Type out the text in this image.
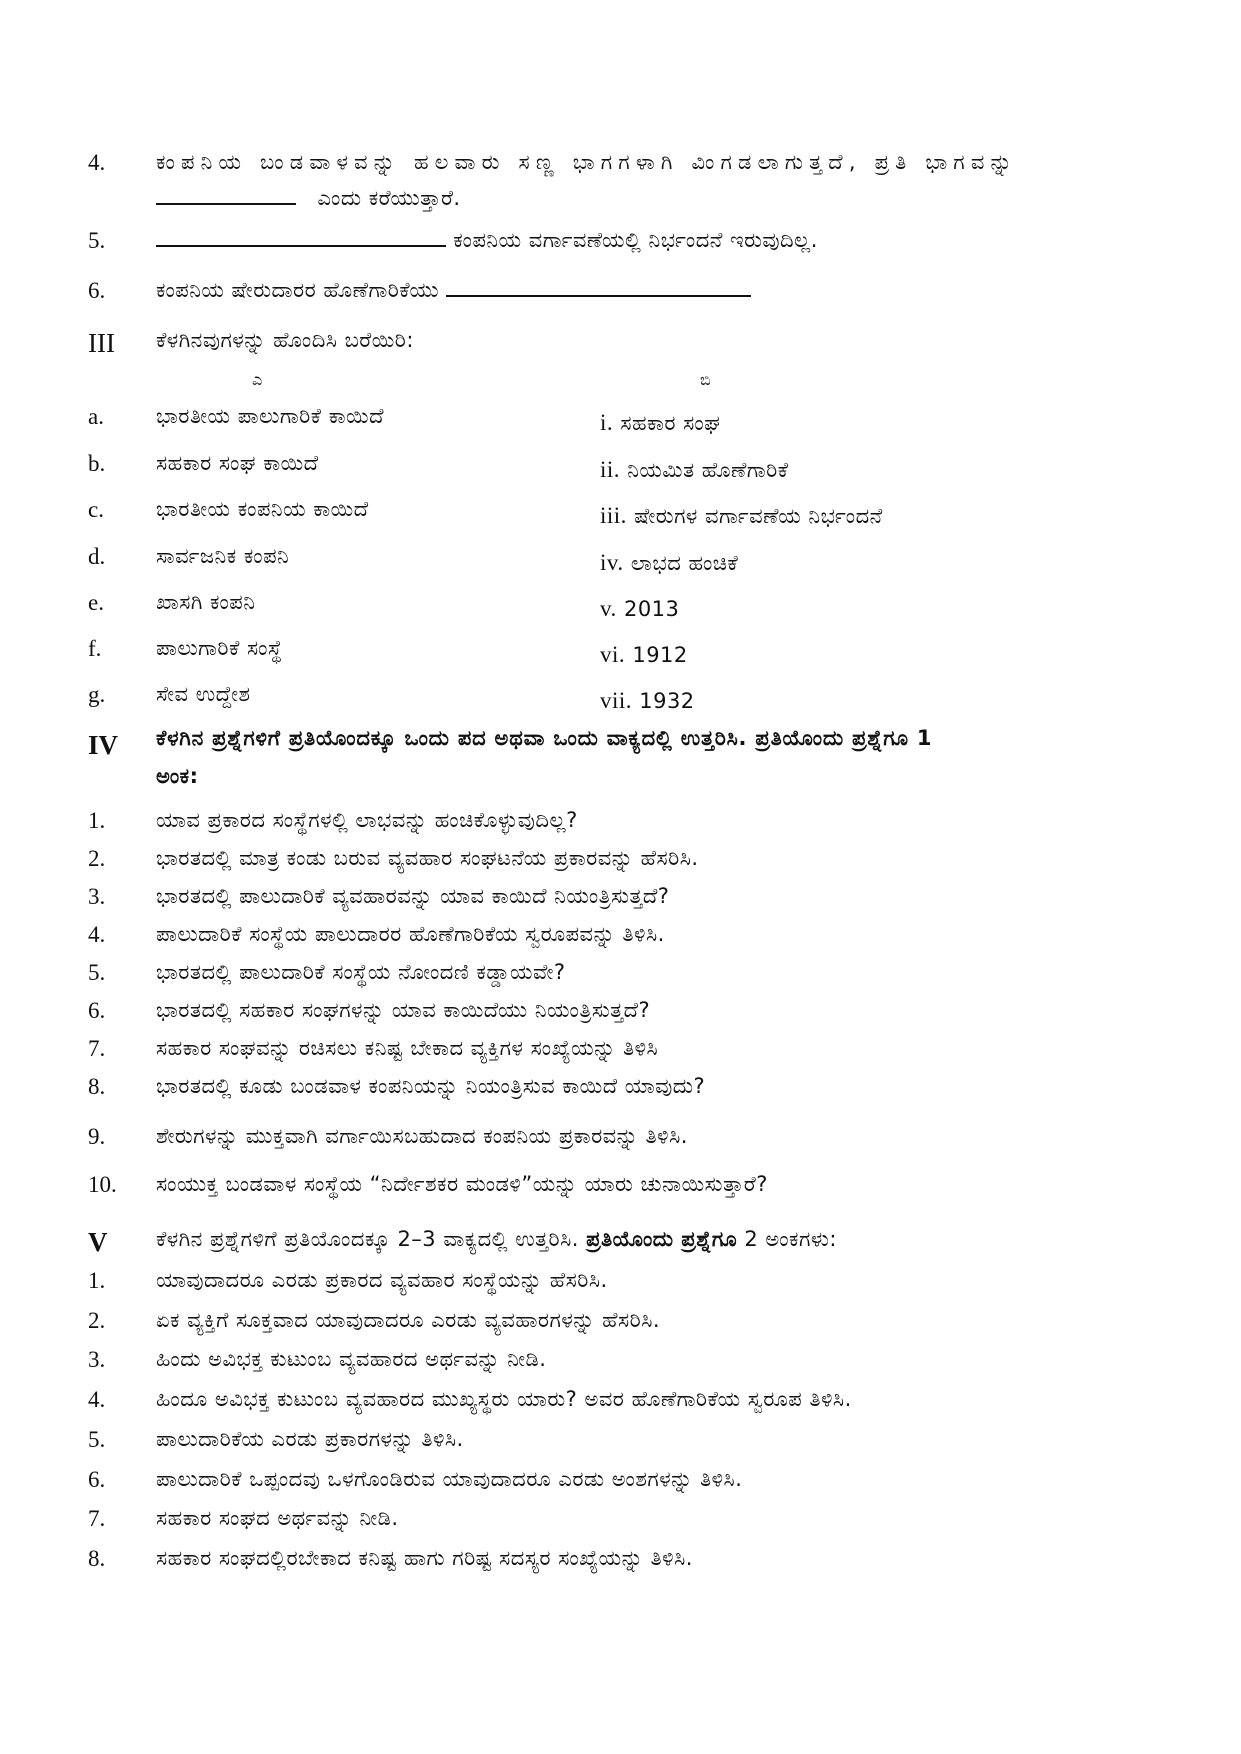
4. ಕಂಪನಿಯ ಬಂಡವಾಳವನ್ನು ಹಲವಾರು ಸಣ್ಣ ಭಾಗಗಳಾಗಿ ವಿಂಗಡಲಾಗುತ್ತದೆ, ಪ್ರತಿ ಭಾಗವನ್ನು
ಎಂದು ಕರೆಯುತ್ತಾರೆ.
5.	ಕಂಪನಿಯ ವರ್ಗಾವಣೆಯಲ್ಲಿ ನಿರ್ಭಂದನೆ ಇರುವುದಿಲ್ಲ.
6. ಕಂಪನಿಯ ಷೇರುದಾರರ ಹೊಣೆಗಾರಿಕೆಯು
III ಕೆಳಗಿನವುಗಳನ್ನು ಹೊಂದಿಸಿ ಬರೆಯಿರಿ:
ಎ	ಬಿ
a. ಭಾರತೀಯ ಪಾಲುಗಾರಿಕೆ ಕಾಯಿದೆ	i. ಸಹಕಾರ ಸಂಘ
b. ಸಹಕಾರ ಸಂಘ ಕಾಯಿದೆ	ii. ನಿಯಮಿತ ಹೊಣೆಗಾರಿಕೆ
c. ಭಾರತೀಯ ಕಂಪನಿಯ ಕಾಯಿದೆ	iii. ಷೇರುಗಳ ವರ್ಗಾವಣೆಯ ನಿರ್ಭಂದನೆ
d. ಸಾರ್ವಜನಿಕ ಕಂಪನಿ	iv. ಲಾಭದ ಹಂಚಿಕೆ
e. ಖಾಸಗಿ ಕಂಪನಿ	v. 2013
f.	ಪಾಲುಗಾರಿಕೆ ಸಂಸ್ಥೆ	vi. 1912
g. ಸೇವ ಉದ್ದೇಶ	vii. 1932
IV ಕೆಳಗಿನ ಪ್ರಶ್ನೆಗಳಿಗೆ ಪ್ರತಿಯೊಂದಕ್ಕೂ ಒಂದು ಪದ ಅಥವಾ ಒಂದು ವಾಕ್ಯದಲ್ಲಿ ಉತ್ತರಿಸಿ. ಪ್ರತಿಯೊಂದು ಪ್ರಶ್ನೆಗೂ 1
ಅಂಕ:
1. ಯಾವ ಪ್ರಕಾರದ ಸಂಸ್ಥೆಗಳಲ್ಲಿ ಲಾಭವನ್ನು ಹಂಚಿಕೊಳ್ಳುವುದಿಲ್ಲ?
2. ಭಾರತದಲ್ಲಿ ಮಾತ್ರ ಕಂಡು ಬರುವ ವ್ಯವಹಾರ ಸಂಘಟನೆಯ ಪ್ರಕಾರವನ್ನು ಹೆಸರಿಸಿ.
3. ಭಾರತದಲ್ಲಿ ಪಾಲುದಾರಿಕೆ ವ್ಯವಹಾರವನ್ನು ಯಾವ ಕಾಯಿದೆ ನಿಯಂತ್ರಿಸುತ್ತದೆ?
4. ಪಾಲುದಾರಿಕೆ ಸಂಸ್ಥೆಯ ಪಾಲುದಾರರ ಹೊಣೆಗಾರಿಕೆಯ ಸ್ವರೂಪವನ್ನು ತಿಳಿಸಿ.
5. ಭಾರತದಲ್ಲಿ ಪಾಲುದಾರಿಕೆ ಸಂಸ್ಥೆಯ ನೋಂದಣಿ ಕಡ್ಡಾಯವೇ?
6. ಭಾರತದಲ್ಲಿ ಸಹಕಾರ ಸಂಘಗಳನ್ನು ಯಾವ ಕಾಯಿದೆಯು ನಿಯಂತ್ರಿಸುತ್ತದೆ?
7. ಸಹಕಾರ ಸಂಘವನ್ನು ರಚಿಸಲು ಕನಿಷ್ಟ ಬೇಕಾದ ವ್ಯಕ್ತಿಗಳ ಸಂಖ್ಯೆಯನ್ನು ತಿಳಿಸಿ
8. ಭಾರತದಲ್ಲಿ ಕೂಡು ಬಂಡವಾಳ ಕಂಪನಿಯನ್ನು ನಿಯಂತ್ರಿಸುವ ಕಾಯಿದೆ ಯಾವುದು?
9. ಶೇರುಗಳನ್ನು ಮುಕ್ತವಾಗಿ ವರ್ಗಾಯಿಸಬಹುದಾದ ಕಂಪನಿಯ ಪ್ರಕಾರವನ್ನು ತಿಳಿಸಿ.
10. ಸಂಯುಕ್ತ ಬಂಡವಾಳ ಸಂಸ್ಥೆಯ “ನಿರ್ದೇಶಕರ ಮಂಡಳಿ”ಯನ್ನು ಯಾರು ಚುನಾಯಿಸುತ್ತಾರೆ?
V ಕೆಳಗಿನ ಪ್ರಶ್ನೆಗಳಿಗೆ ಪ್ರತಿಯೊಂದಕ್ಕೂ 2–3 ವಾಕ್ಯದಲ್ಲಿ ಉತ್ತರಿಸಿ. ಪ್ರತಿಯೊಂದು ಪ್ರಶ್ನೆಗೂ 2 ಅಂಕಗಳು:
1. ಯಾವುದಾದರೂ ಎರಡು ಪ್ರಕಾರದ ವ್ಯವಹಾರ ಸಂಸ್ಥೆಯನ್ನು ಹೆಸರಿಸಿ.
2. ಏಕ ವ್ಯಕ್ತಿಗೆ ಸೂಕ್ತವಾದ ಯಾವುದಾದರೂ ಎರಡು ವ್ಯವಹಾರಗಳನ್ನು ಹೆಸರಿಸಿ.
3. ಹಿಂದು ಅವಿಭಕ್ತ ಕುಟುಂಬ ವ್ಯವಹಾರದ ಅರ್ಥವನ್ನು ನೀಡಿ.
4. ಹಿಂದೂ ಅವಿಭಕ್ತ ಕುಟುಂಬ ವ್ಯವಹಾರದ ಮುಖ್ಯಸ್ಥರು ಯಾರು? ಅವರ ಹೊಣೆಗಾರಿಕೆಯ ಸ್ವರೂಪ ತಿಳಿಸಿ.
5. ಪಾಲುದಾರಿಕೆಯ ಎರಡು ಪ್ರಕಾರಗಳನ್ನು ತಿಳಿಸಿ.
6. ಪಾಲುದಾರಿಕೆ ಒಪ್ಪಂದವು ಒಳಗೊಂಡಿರುವ ಯಾವುದಾದರೂ ಎರಡು ಅಂಶಗಳನ್ನು ತಿಳಿಸಿ.
7. ಸಹಕಾರ ಸಂಘದ ಅರ್ಥವನ್ನು ನೀಡಿ.
8. ಸಹಕಾರ ಸಂಘದಲ್ಲಿರಬೇಕಾದ ಕನಿಷ್ಟ ಹಾಗು ಗರಿಷ್ಟ ಸದಸ್ಯರ ಸಂಖ್ಯೆಯನ್ನು ತಿಳಿಸಿ.
